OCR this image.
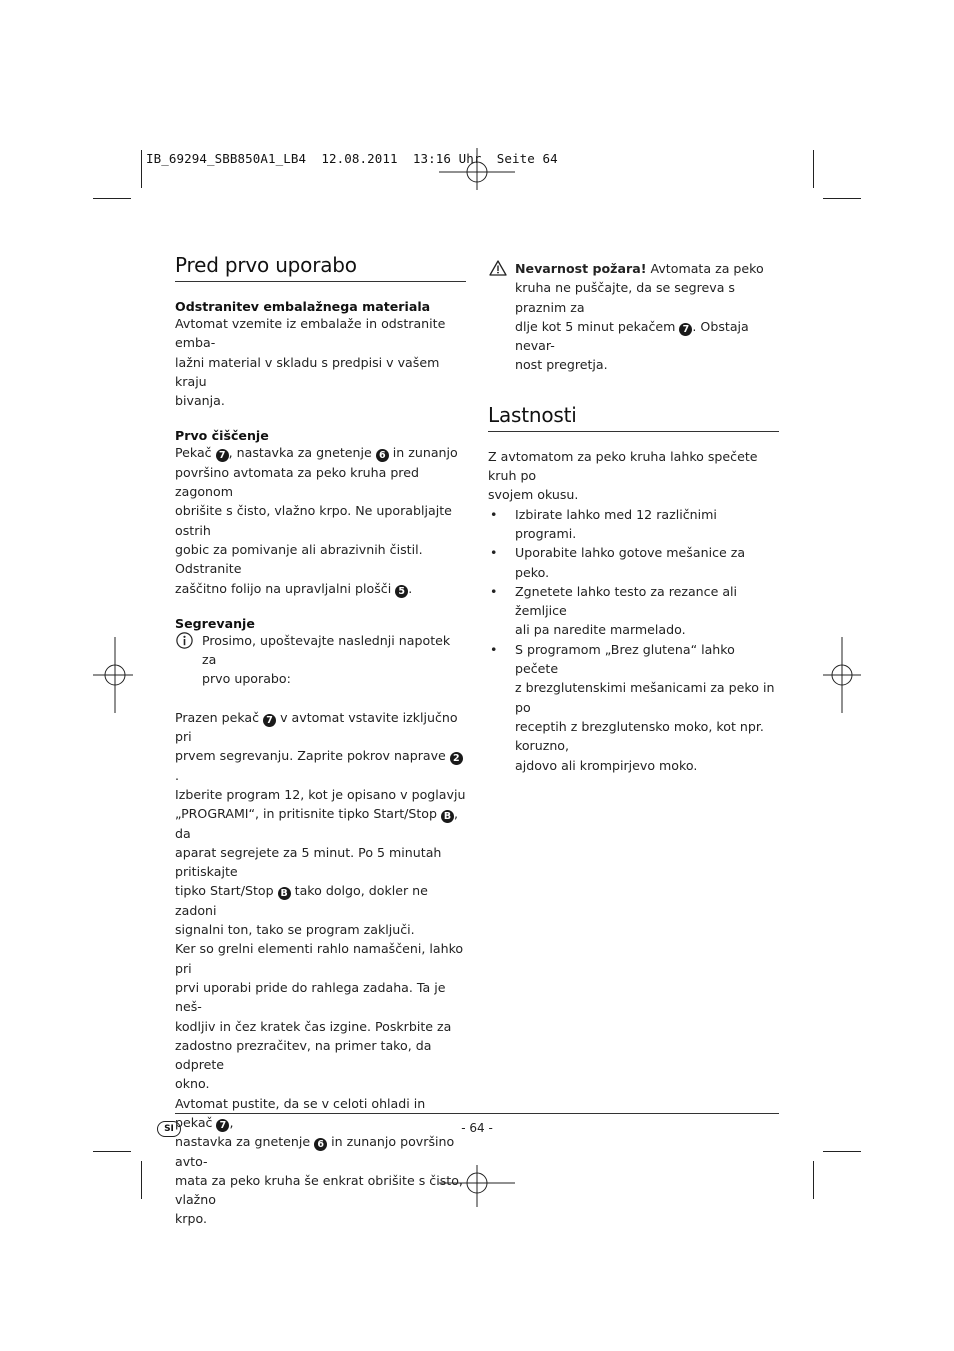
IB_69294_SBB850A1_LB4  12.08.2011  13:16 Uhr  Seite 64
Pred prvo uporabo

Odstranitev embalažnega materiala

Avtomat vzemite iz embalaže in odstranite emba-

lažni material v skladu s predpisi v vašem kraju

bivanja.

Prvo čiščenje

Pekač 7 , nastavka za gnetenje 6 in zunanjo

površino avtomata za peko kruha pred zagonom

obrišite s čisto, vlažno krpo. Ne uporabljajte ostrih

gobic za pomivanje ali abrazivnih čistil. Odstranite

zaščitno folijo na upravljalni plošči 5 .

Segrevanje

Prosimo, upoštevajte naslednji napotek za

prvo uporabo:

Prazen pekač 7 v avtomat vstavite izključno pri

prvem segrevanju. Zaprite pokrov naprave 2.

Izberite program 12, kot je opisano v poglavju

„PROGRAMI“, in pritisnite tipko Start/Stop B , da

aparat segrejete za 5 minut. Po 5 minutah pritiskajte

tipko Start/Stop B tako dolgo, dokler ne zadoni

signalni ton, tako se program zaključi.

Ker so grelni elementi rahlo namaščeni, lahko pri

prvi uporabi pride do rahlega zadaha. Ta je neš-

kodljiv in čez kratek čas izgine. Poskrbite za

zadostno prezračitev, na primer tako, da odprete

okno.

Avtomat pustite, da se v celoti ohladi in pekač 7 ,

nastavka za gnetenje 6 in zunanjo površino avto-

mata za peko kruha še enkrat obrišite s čisto, vlažno

krpo.

Nevarnost požara! Avtomata za peko

kruha ne puščajte, da se segreva s praznim za

dlje kot 5 minut pekačem 7 . Obstaja nevar-

nost pregretja.

Lastnosti

Z avtomatom za peko kruha lahko spečete kruh po

svojem okusu.

• Izbirate lahko med 12 različnimi programi.

• Uporabite lahko gotove mešanice za peko.

• Zgnetete lahko testo za rezance ali žemljice

ali pa naredite marmelado.

• S programom „Brez glutena“ lahko pečete

z brezglutenskimi mešanicami za peko in po

receptih z brezglutensko moko, kot npr. koruzno,

ajdovo ali krompirjevo moko.

SI	- 64 -
